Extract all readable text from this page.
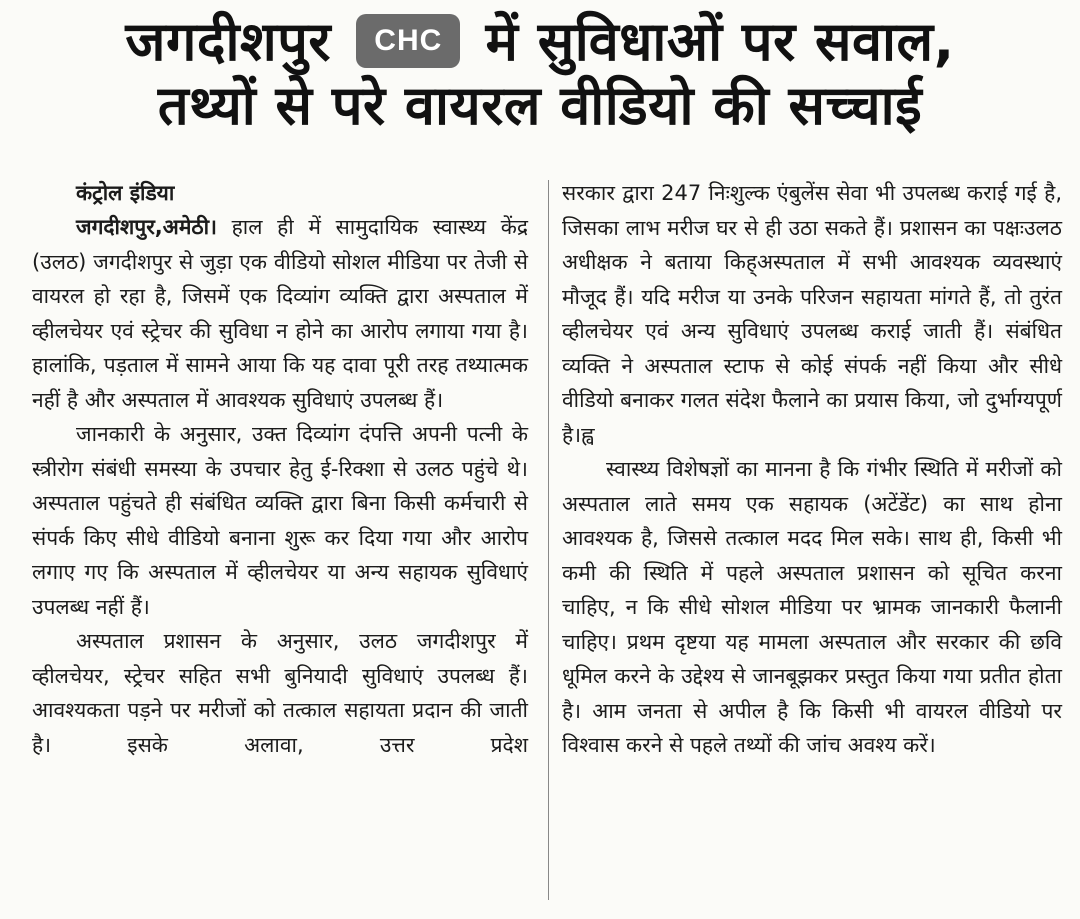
जगदीशपुर CHC में सुविधाओं पर सवाल,
तथ्यों से परे वायरल वीडियो की सच्चाई

कंट्रोल इंडिया

जगदीशपुर,अमेठी। हाल ही में सामुदायिक स्वास्थ्य केंद्र (उलठ) जगदीशपुर से जुड़ा एक वीडियो सोशल मीडिया पर तेजी से वायरल हो रहा है, जिसमें एक दिव्यांग व्यक्ति द्वारा अस्पताल में व्हीलचेयर एवं स्ट्रेचर की सुविधा न होने का आरोप लगाया गया है। हालांकि, पड़ताल में सामने आया कि यह दावा पूरी तरह तथ्यात्मक नहीं है और अस्पताल में आवश्यक सुविधाएं उपलब्ध हैं।

जानकारी के अनुसार, उक्त दिव्यांग दंपत्ति अपनी पत्नी के स्त्रीरोग संबंधी समस्या के उपचार हेतु ई-रिक्शा से उलठ पहुंचे थे। अस्पताल पहुंचते ही संबंधित व्यक्ति द्वारा बिना किसी कर्मचारी से संपर्क किए सीधे वीडियो बनाना शुरू कर दिया गया और आरोप लगाए गए कि अस्पताल में व्हीलचेयर या अन्य सहायक सुविधाएं उपलब्ध नहीं हैं।

अस्पताल प्रशासन के अनुसार, उलठ जगदीशपुर में व्हीलचेयर, स्ट्रेचर सहित सभी बुनियादी सुविधाएं उपलब्ध हैं। आवश्यकता पड़ने पर मरीजों को तत्काल सहायता प्रदान की जाती है। इसके अलावा, उत्तर प्रदेश

सरकार द्वारा 247 निःशुल्क एंबुलेंस सेवा भी उपलब्ध कराई गई है, जिसका लाभ मरीज घर से ही उठा सकते हैं। प्रशासन का पक्षःउलठ अधीक्षक ने बताया किह्अस्पताल में सभी आवश्यक व्यवस्थाएं मौजूद हैं। यदि मरीज या उनके परिजन सहायता मांगते हैं, तो तुरंत व्हीलचेयर एवं अन्य सुविधाएं उपलब्ध कराई जाती हैं। संबंधित व्यक्ति ने अस्पताल स्टाफ से कोई संपर्क नहीं किया और सीधे वीडियो बनाकर गलत संदेश फैलाने का प्रयास किया, जो दुर्भाग्यपूर्ण है।ह्व

स्वास्थ्य विशेषज्ञों का मानना है कि गंभीर स्थिति में मरीजों को अस्पताल लाते समय एक सहायक (अटेंडेंट) का साथ होना आवश्यक है, जिससे तत्काल मदद मिल सके। साथ ही, किसी भी कमी की स्थिति में पहले अस्पताल प्रशासन को सूचित करना चाहिए, न कि सीधे सोशल मीडिया पर भ्रामक जानकारी फैलानी चाहिए। प्रथम दृष्टया यह मामला अस्पताल और सरकार की छवि धूमिल करने के उद्देश्य से जानबूझकर प्रस्तुत किया गया प्रतीत होता है। आम जनता से अपील है कि किसी भी वायरल वीडियो पर विश्वास करने से पहले तथ्यों की जांच अवश्य करें।
